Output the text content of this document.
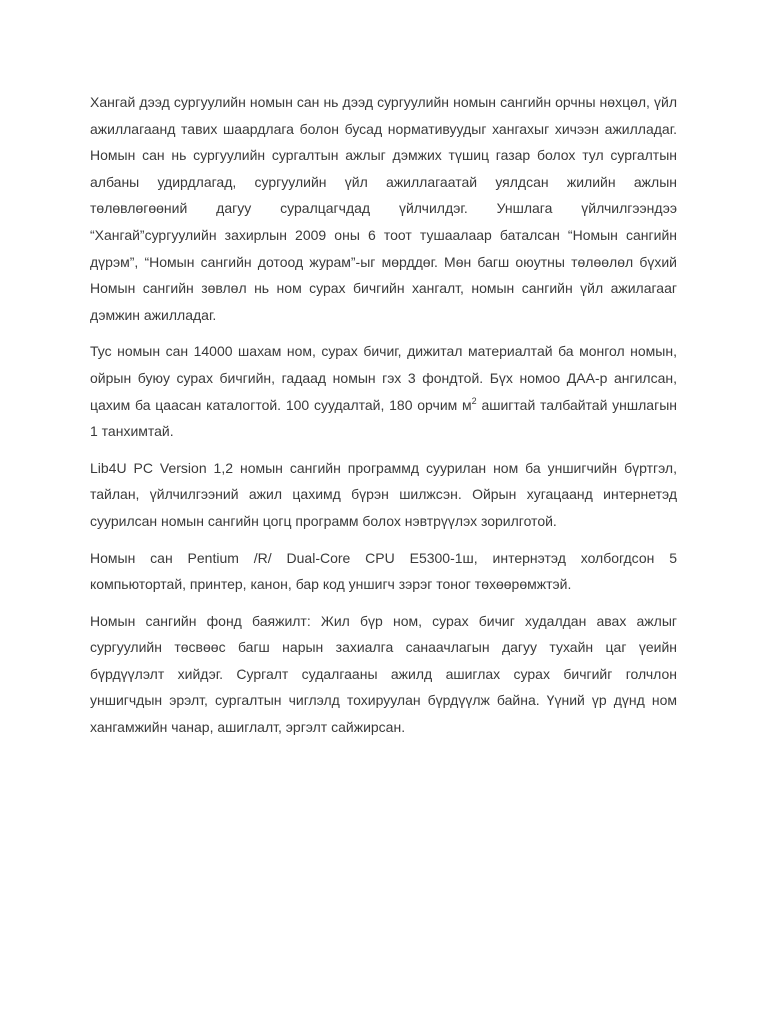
Хангай дээд сургуулийн номын сан нь дээд сургуулийн номын сангийн орчны нөхцөл, үйл ажиллагаанд тавих шаардлага болон бусад нормативуудыг хангахыг хичээн ажилладаг. Номын сан нь сургуулийн сургалтын ажлыг дэмжих түшиц газар болох тул сургалтын албаны удирдлагад, сургуулийн үйл ажиллагаатай уялдсан жилийн ажлын төлөвлөгөөний дагуу суралцагчдад үйлчилдэг. Уншлага үйлчилгээндээ “Хангай”сургуулийн захирлын 2009 оны 6 тоот тушаалаар баталсан “Номын сангийн дүрэм”, “Номын сангийн дотоод журам”-ыг мөрддөг. Мөн багш оюутны төлөөлөл бүхий Номын сангийн зөвлөл нь ном сурах бичгийн хангалт, номын сангийн үйл ажилагааг дэмжин ажилладаг.

Тус номын сан 14000 шахам ном, сурах бичиг, дижитал материалтай ба монгол номын, ойрын буюу сурах бичгийн, гадаад номын гэх 3 фондтой. Бүх номоо ДАА-р ангилсан, цахим ба цаасан каталогтой. 100 суудалтай, 180 орчим $м^2$ ашигтай талбайтай уншлагын 1 танхимтай.

Lib4U PC Version 1,2 номын сангийн программд суурилан ном ба уншигчийн бүртгэл, тайлан, үйлчилгээний ажил цахимд бүрэн шилжсэн. Ойрын хугацаанд интернетэд суурилсан номын сангийн цогц программ болох нэвтрүүлэх зорилготой.

Номын сан Pentium /R/ Dual-Core CPU E5300-1ш, интернэтэд холбогдсон 5 компьютортай, принтер, канон, бар код уншигч зэрэг тоног төхөөрөмжтэй.

Номын сангийн фонд баяжилт: Жил бүр ном, сурах бичиг худалдан авах ажлыг сургуулийн төсвөөс багш нарын захиалга санаачлагын дагуу тухайн цаг үеийн бүрдүүлэлт хийдэг. Сургалт судалгааны ажилд ашиглах сурах бичгийг голчлон уншигчдын эрэлт, сургалтын чиглэлд тохируулан бүрдүүлж байна. Үүний үр дүнд ном хангамжийн чанар, ашиглалт, эргэлт сайжирсан.
